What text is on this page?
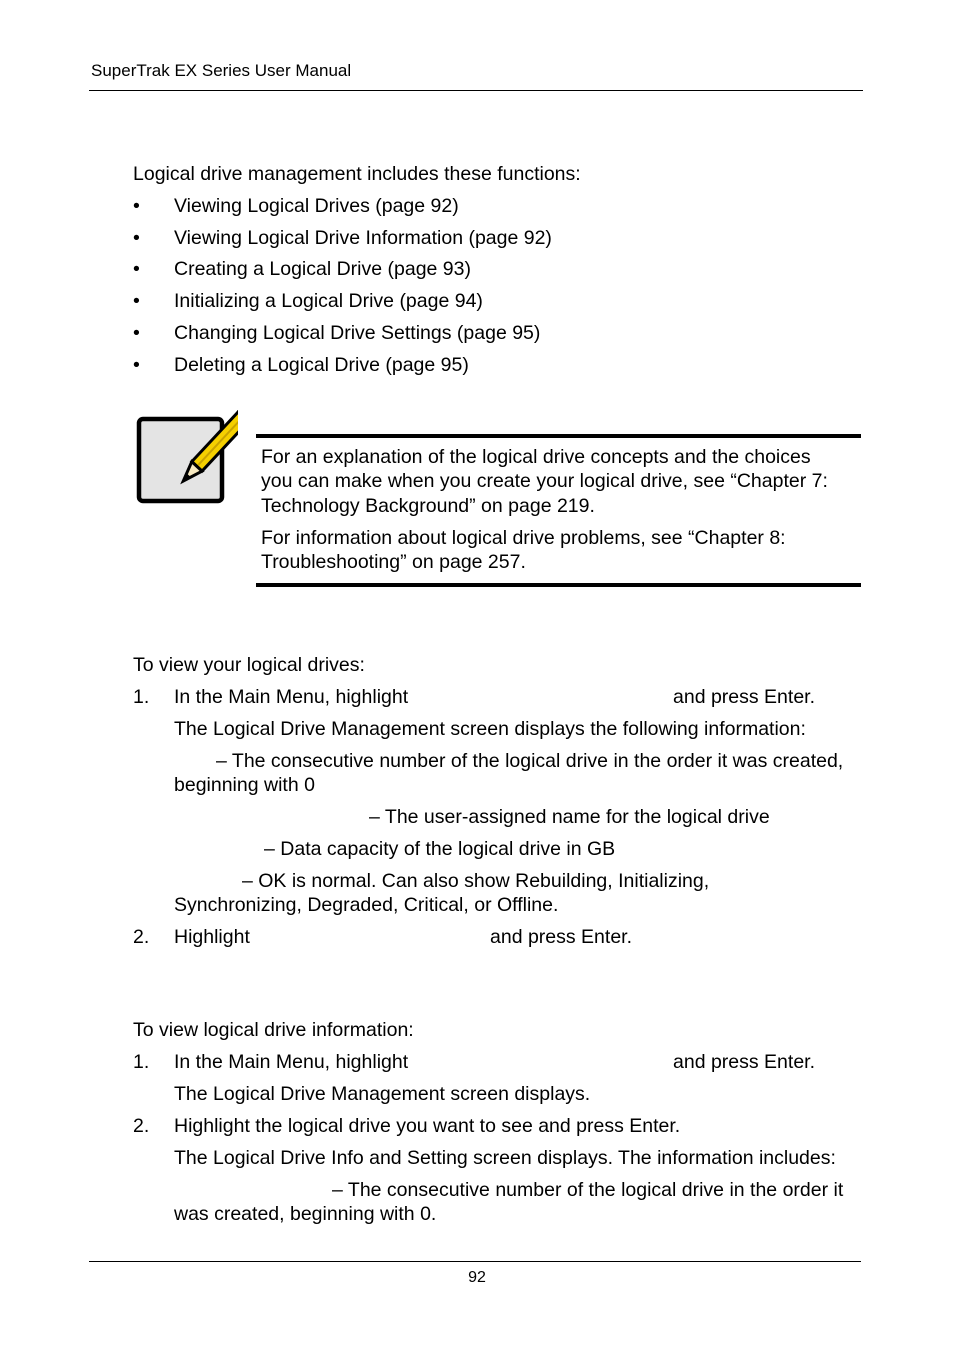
SuperTrak EX Series User Manual
Logical drive management includes these functions:
• Viewing Logical Drives (page 92)
• Viewing Logical Drive Information (page 92)
• Creating a Logical Drive (page 93)
• Initializing a Logical Drive (page 94)
• Changing Logical Drive Settings (page 95)
• Deleting a Logical Drive (page 95)
For an explanation of the logical drive concepts and the choices
you can make when you create your logical drive, see “Chapter 7:
Technology Background” on page 219.
For information about logical drive problems, see “Chapter 8:
Troubleshooting” on page 257.
To view your logical drives:
1. In the Main Menu, highlight	and press Enter.
The Logical Drive Management screen displays the following information:
– The consecutive number of the logical drive in the order it was created,
beginning with 0
– The user-assigned name for the logical drive
– Data capacity of the logical drive in GB
– OK is normal. Can also show Rebuilding, Initializing,
Synchronizing, Degraded, Critical, or Offline.
2. Highlight	and press Enter.
To view logical drive information:
1. In the Main Menu, highlight	and press Enter.
The Logical Drive Management screen displays.
2. Highlight the logical drive you want to see and press Enter.
The Logical Drive Info and Setting screen displays. The information includes:
– The consecutive number of the logical drive in the order it
was created, beginning with 0.
92
